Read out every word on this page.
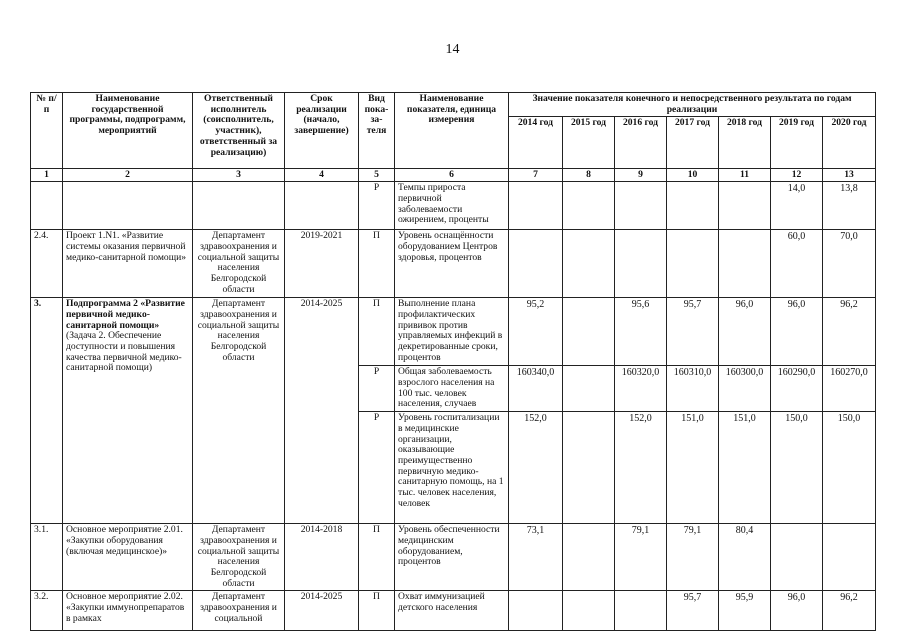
14
№ п/п	Наименование государственной программы, подпрограмм, мероприятий	Ответственный исполнитель (соисполнитель, участник), ответственный за реализацию)	Срок реализации (начало, завершение)	Вид пока-за-теля	Наименование показателя, единица измерения	Значение показателя конечного и непосредственного результата по годам реализации						
						2014 год	2015 год	2016 год	2017 год	2018 год	2019 год	2020 год
1	2	3	4	5	6	7	8	9	10	11	12	13
				Р	Темпы прироста первичной заболеваемости ожирением, проценты						14,0	13,8
2.4.	Проект 1.N1. «Развитие системы оказания первичной медико-санитарной помощи»	Департамент здравоохранения и социальной защиты населения Белгородской области	2019-2021	П	Уровень оснащённости оборудованием Центров здоровья, процентов						60,0	70,0
3.	Подпрограмма 2 «Развитие первичной медико-санитарной помощи»
(Задача 2. Обеспечение доступности и повышения качества первичной медико-санитарной помощи)	Департамент здравоохранения и социальной защиты населения Белгородской области	2014-2025	П	Выполнение плана профилактических прививок против управляемых инфекций в декретированные сроки, процентов	95,2		95,6	95,7	96,0	96,0	96,2
				Р	Общая заболеваемость взрослого населения на 100 тыс. человек населения, случаев	160340,0		160320,0	160310,0	160300,0	160290,0	160270,0
				Р	Уровень госпитализации в медицинские организации, оказывающие преимущественно первичную медико-санитарную помощь, на 1 тыс. человек населения, человек	152,0		152,0	151,0	151,0	150,0	150,0
3.1.	Основное мероприятие 2.01. «Закупки оборудования (включая медицинское)»	Департамент здравоохранения и социальной защиты населения Белгородской области	2014-2018	П	Уровень обеспеченности медицинским оборудованием, процентов	73,1		79,1	79,1	80,4		
3.2.	Основное мероприятие 2.02. «Закупки иммунопрепаратов в рамках	Департамент здравоохранения и социальной	2014-2025	П	Охват иммунизацией детского населения				95,7	95,9	96,0	96,2
